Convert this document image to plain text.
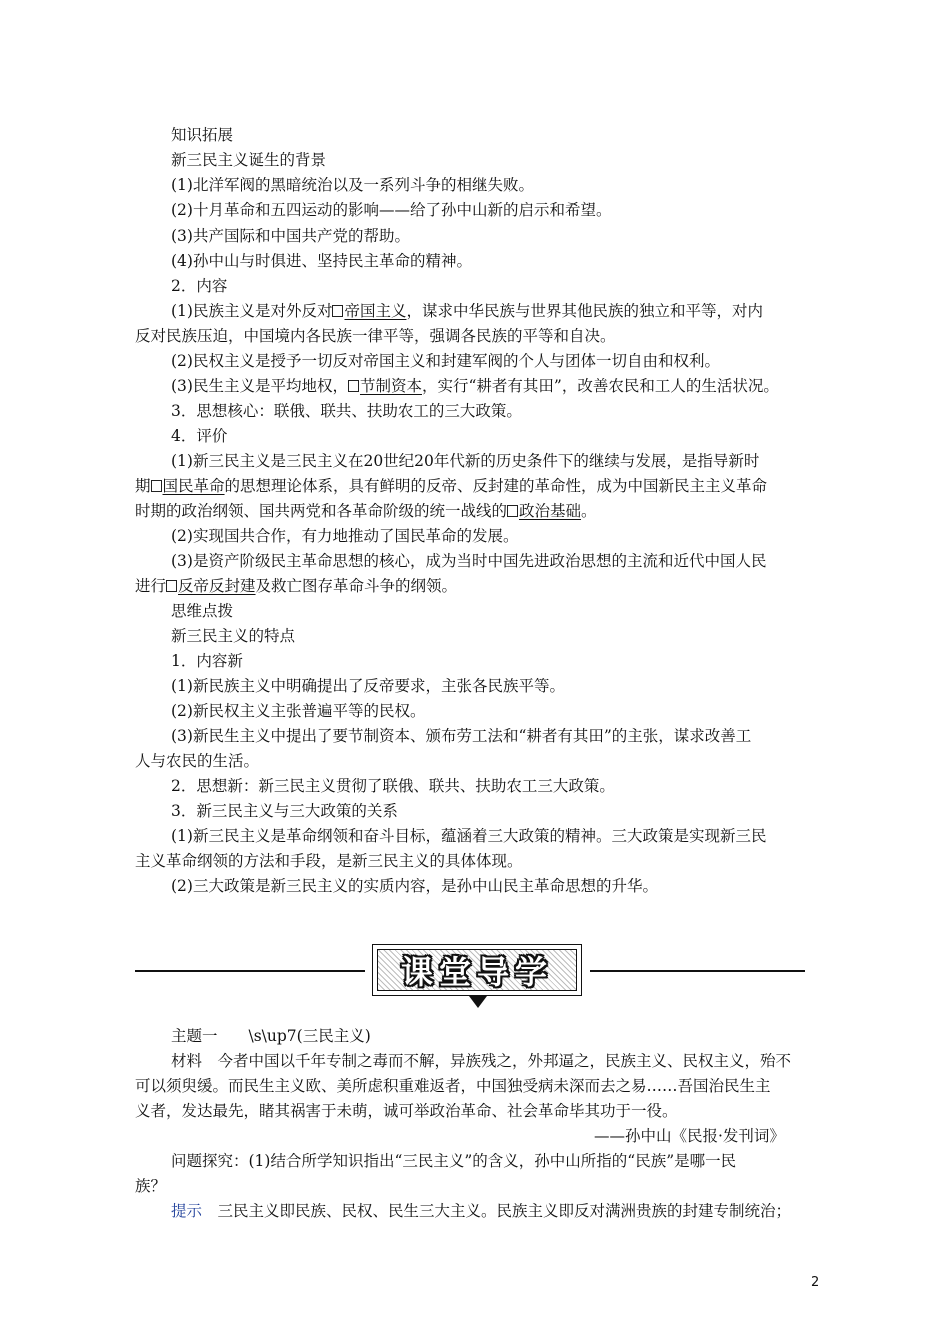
知识拓展
新三民主义诞生的背景
(1)北洋军阀的黑暗统治以及一系列斗争的相继失败。
(2)十月革命和五四运动的影响——给了孙中山新的启示和希望。
(3)共产国际和中国共产党的帮助。
(4)孙中山与时俱进、坚持民主革命的精神。
2．内容
(1)民族主义是对外反对 帝国主义，谋求中华民族与世界其他民族的独立和平等，对内
反对民族压迫，中国境内各民族一律平等，强调各民族的平等和自决。
(2)民权主义是授予一切反对帝国主义和封建军阀的个人与团体一切自由和权利。
(3)民生主义是平均地权， 节制资本，实行“耕者有其田”，改善农民和工人的生活状况。
3．思想核心：联俄、联共、扶助农工的三大政策。
4．评价
(1)新三民主义是三民主义在20世纪20年代新的历史条件下的继续与发展，是指导新时
期 国民革命的思想理论体系，具有鲜明的反帝、反封建的革命性，成为中国新民主主义革命
时期的政治纲领、国共两党和各革命阶级的统一战线的 政治基础。
(2)实现国共合作，有力地推动了国民革命的发展。
(3)是资产阶级民主革命思想的核心，成为当时中国先进政治思想的主流和近代中国人民
进行 反帝反封建及救亡图存革命斗争的纲领。
思维点拨
新三民主义的特点
1．内容新
(1)新民族主义中明确提出了反帝要求，主张各民族平等。
(2)新民权主义主张普遍平等的民权。
(3)新民生主义中提出了要节制资本、颁布劳工法和“耕者有其田”的主张，谋求改善工
人与农民的生活。
2．思想新：新三民主义贯彻了联俄、联共、扶助农工三大政策。
3．新三民主义与三大政策的关系
(1)新三民主义是革命纲领和奋斗目标，蕴涵着三大政策的精神。三大政策是实现新三民
主义革命纲领的方法和手段，是新三民主义的具体体现。
(2)三大政策是新三民主义的实质内容，是孙中山民主革命思想的升华。
课堂导学
主题一　　\s\up7(三民主义)
材料　今者中国以千年专制之毒而不解，异族残之，外邦逼之，民族主义、民权主义，殆不
可以须臾缓。而民生主义欧、美所虑积重难返者，中国独受病未深而去之易……吾国治民生主
义者，发达最先，睹其祸害于未萌，诚可举政治革命、社会革命毕其功于一役。
——孙中山《民报·发刊词》
问题探究：(1)结合所学知识指出“三民主义”的含义，孙中山所指的“民族”是哪一民
族？
提示　 三民主义即民族、民权、民生三大主义。民族主义即反对满洲贵族的封建专制统治；
2
